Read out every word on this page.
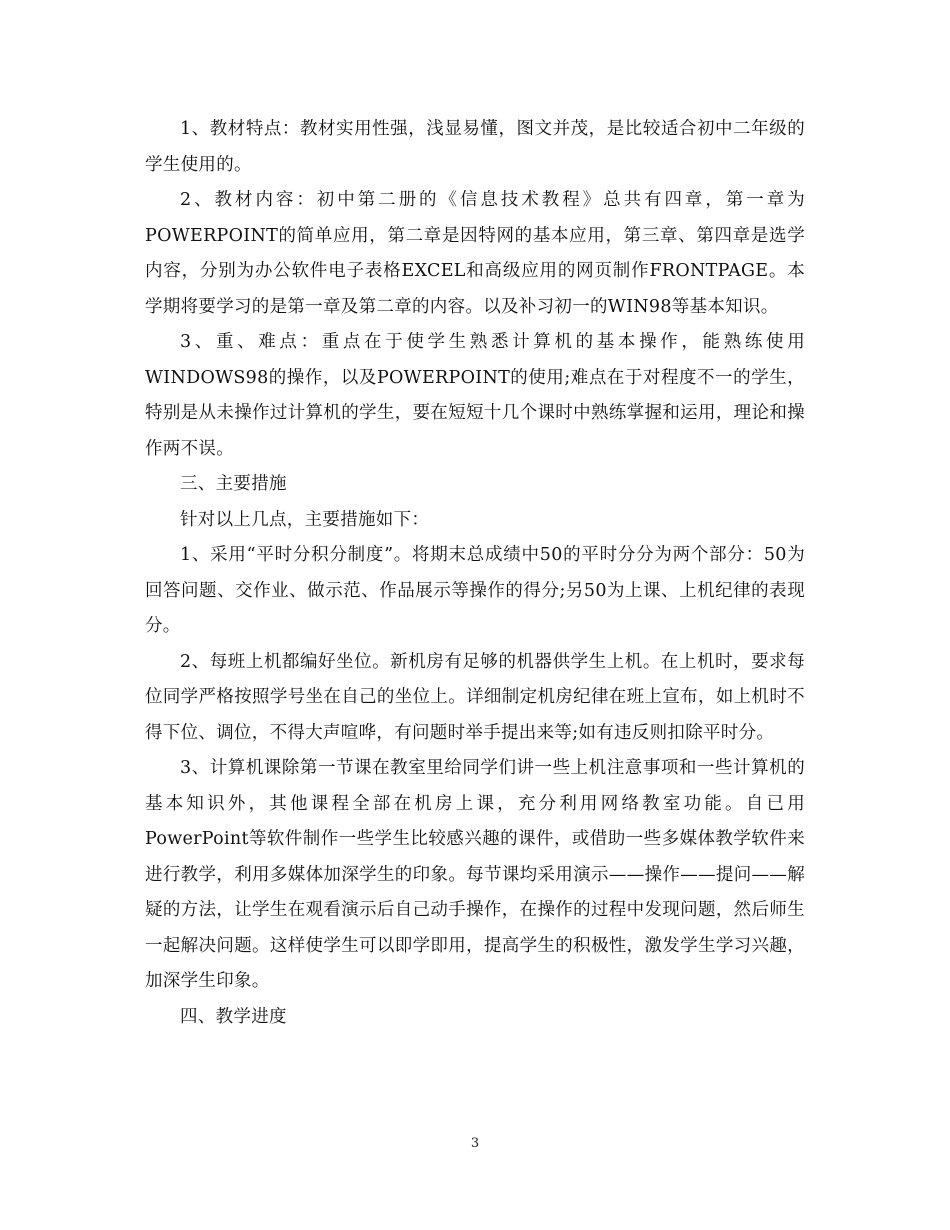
1、教材特点：教材实用性强，浅显易懂，图文并茂，是比较适合初中二年级的学生使用的。

2、教材内容：初中第二册的《信息技术教程》总共有四章，第一章为POWERPOINT的简单应用，第二章是因特网的基本应用，第三章、第四章是选学内容，分别为办公软件电子表格EXCEL和高级应用的网页制作FRONTPAGE。本学期将要学习的是第一章及第二章的内容。以及补习初一的WIN98等基本知识。

3、重、难点：重点在于使学生熟悉计算机的基本操作，能熟练使用WINDOWS98的操作，以及POWERPOINT的使用;难点在于对程度不一的学生，特别是从未操作过计算机的学生，要在短短十几个课时中熟练掌握和运用，理论和操作两不误。

三、主要措施

针对以上几点，主要措施如下：

1、采用“平时分积分制度”。将期末总成绩中50的平时分分为两个部分：50为回答问题、交作业、做示范、作品展示等操作的得分;另50为上课、上机纪律的表现分。

2、每班上机都编好坐位。新机房有足够的机器供学生上机。在上机时，要求每位同学严格按照学号坐在自己的坐位上。详细制定机房纪律在班上宣布，如上机时不得下位、调位，不得大声喧哗，有问题时举手提出来等;如有违反则扣除平时分。

3、计算机课除第一节课在教室里给同学们讲一些上机注意事项和一些计算机的基本知识外，其他课程全部在机房上课，充分利用网络教室功能。自已用PowerPoint等软件制作一些学生比较感兴趣的课件，或借助一些多媒体教学软件来进行教学，利用多媒体加深学生的印象。每节课均采用演示——操作——提问——解疑的方法，让学生在观看演示后自己动手操作，在操作的过程中发现问题，然后师生一起解决问题。这样使学生可以即学即用，提高学生的积极性，激发学生学习兴趣，加深学生印象。

四、教学进度

3
